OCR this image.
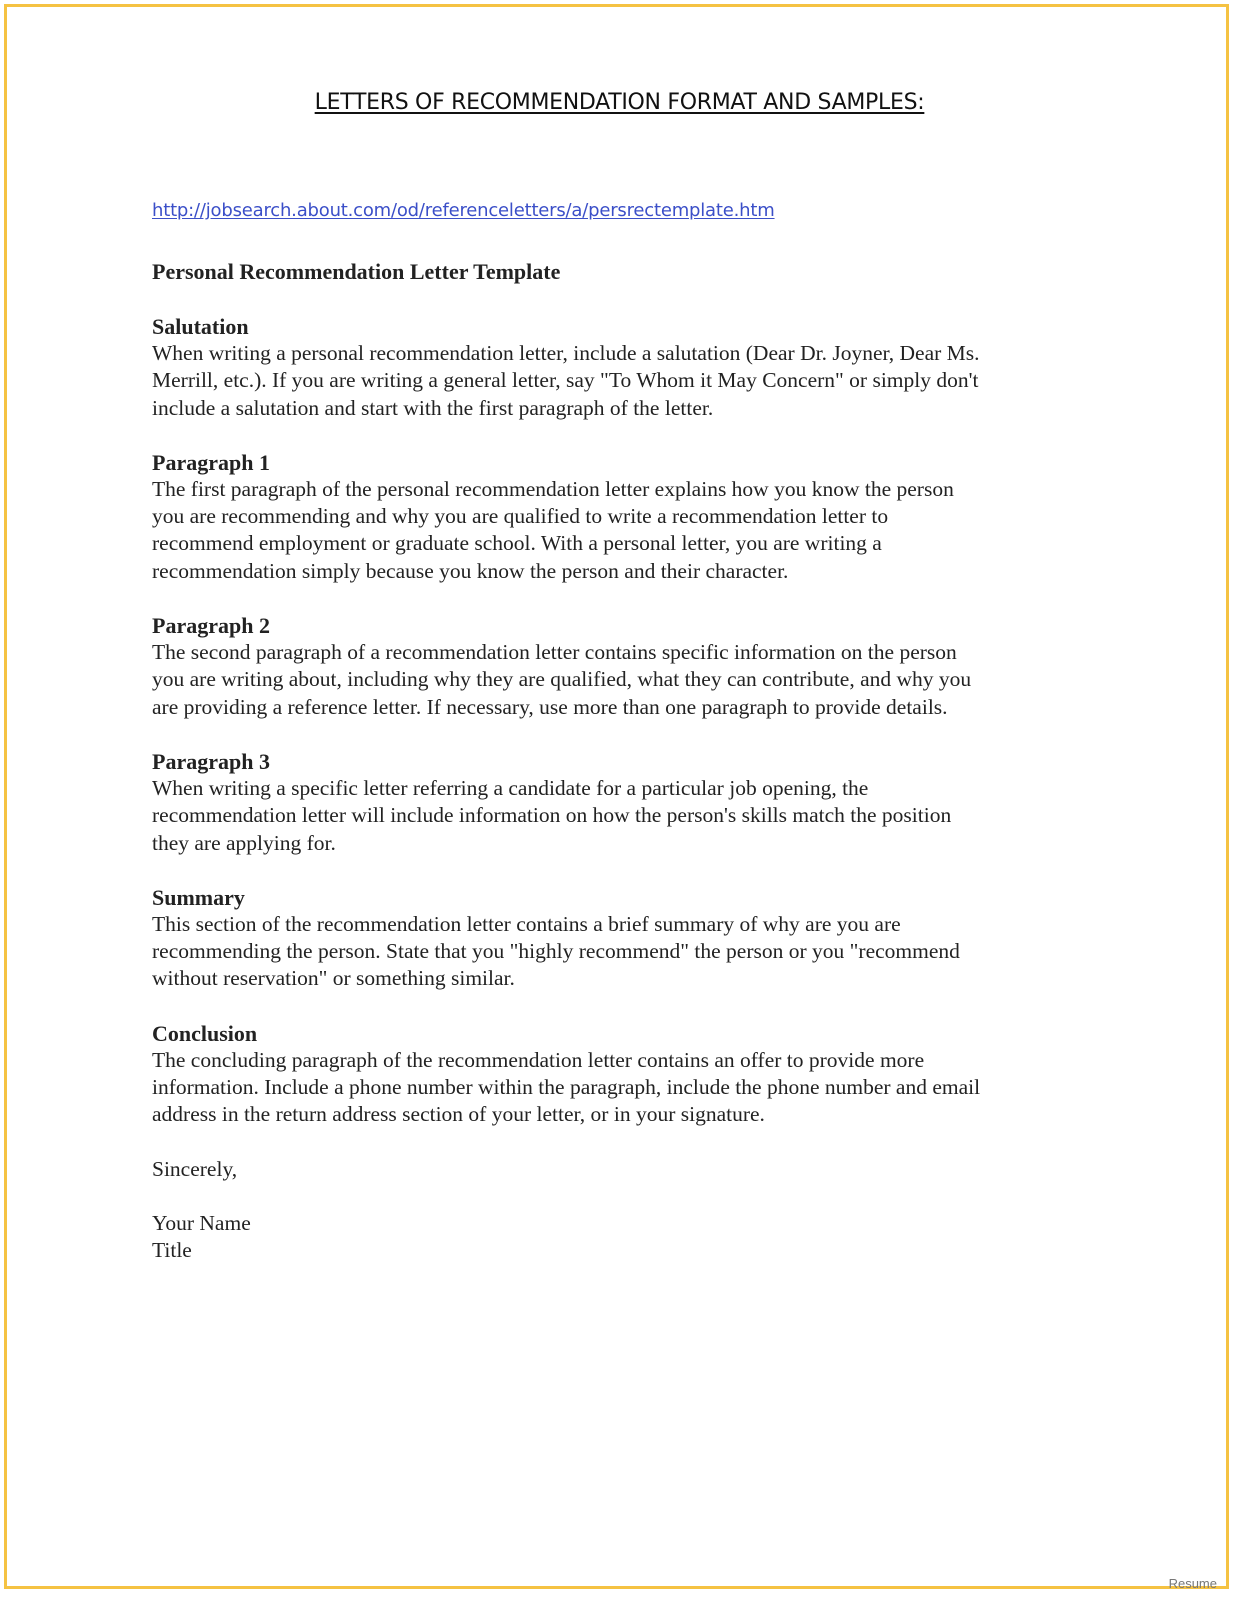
LETTERS OF RECOMMENDATION FORMAT AND SAMPLES:
http://jobsearch.about.com/od/referenceletters/a/persrectemplate.htm
Personal Recommendation Letter Template
Salutation
When writing a personal recommendation letter, include a salutation (Dear Dr. Joyner, Dear Ms.
Merrill, etc.). If you are writing a general letter, say "To Whom it May Concern" or simply don't
include a salutation and start with the first paragraph of the letter.
Paragraph 1
The first paragraph of the personal recommendation letter explains how you know the person
you are recommending and why you are qualified to write a recommendation letter to
recommend employment or graduate school. With a personal letter, you are writing a
recommendation simply because you know the person and their character.
Paragraph 2
The second paragraph of a recommendation letter contains specific information on the person
you are writing about, including why they are qualified, what they can contribute, and why you
are providing a reference letter. If necessary, use more than one paragraph to provide details.
Paragraph 3
When writing a specific letter referring a candidate for a particular job opening, the
recommendation letter will include information on how the person's skills match the position
they are applying for.
Summary
This section of the recommendation letter contains a brief summary of why are you are
recommending the person. State that you "highly recommend" the person or you "recommend
without reservation" or something similar.
Conclusion
The concluding paragraph of the recommendation letter contains an offer to provide more
information. Include a phone number within the paragraph, include the phone number and email
address in the return address section of your letter, or in your signature.
Sincerely,
Your Name
Title
Resume
